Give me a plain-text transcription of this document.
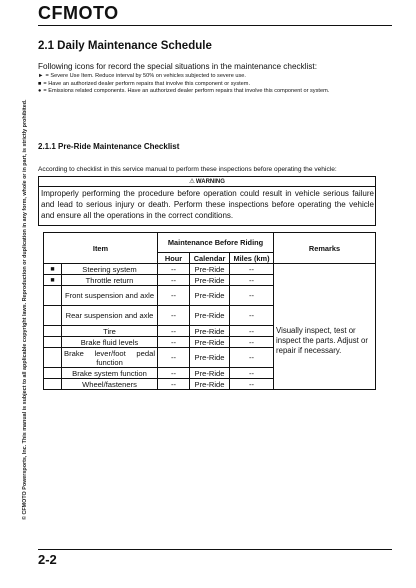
CFMOTO
© CFMOTO Powersports, Inc. This manual is subject to all applicable copyright laws. Reproduction or duplication in any form, whole or in part, is strictly prohibited.
2.1 Daily Maintenance Schedule
Following icons for record the special situations in the maintenance checklist:
► = Severe Use Item. Reduce interval by 50% on vehicles subjected to severe use.
■ = Have an authorized dealer perform repairs that involve this component or system.
● = Emissions related components. Have an authorized dealer perform repairs that involve this component or system.
2.1.1 Pre-Ride Maintenance Checklist
According to checklist in this service manual to perform these inspections before operating the vehicle:
⚠WARNING
Improperly performing the procedure before operation could result in vehicle serious failure and lead to serious injury or death. Perform these inspections before operating the vehicle and ensure all the operations in the correct conditions.
Item		Maintenance Before Riding			Remarks
		Hour	Calendar	Miles (km)	
■	Steering system	--	Pre-Ride	--	Visually inspect, test or inspect the parts. Adjust or repair if necessary.
■	Throttle return	--	Pre-Ride	--	
	Front suspension and axle	--	Pre-Ride	--	
	Rear suspension and axle	--	Pre-Ride	--	
	Tire	--	Pre-Ride	--	
	Brake fluid levels	--	Pre-Ride	--	
	Brake lever/foot pedal function	--	Pre-Ride	--	
	Brake system function	--	Pre-Ride	--	
	Wheel/fasteners	--	Pre-Ride	--	
2-2
